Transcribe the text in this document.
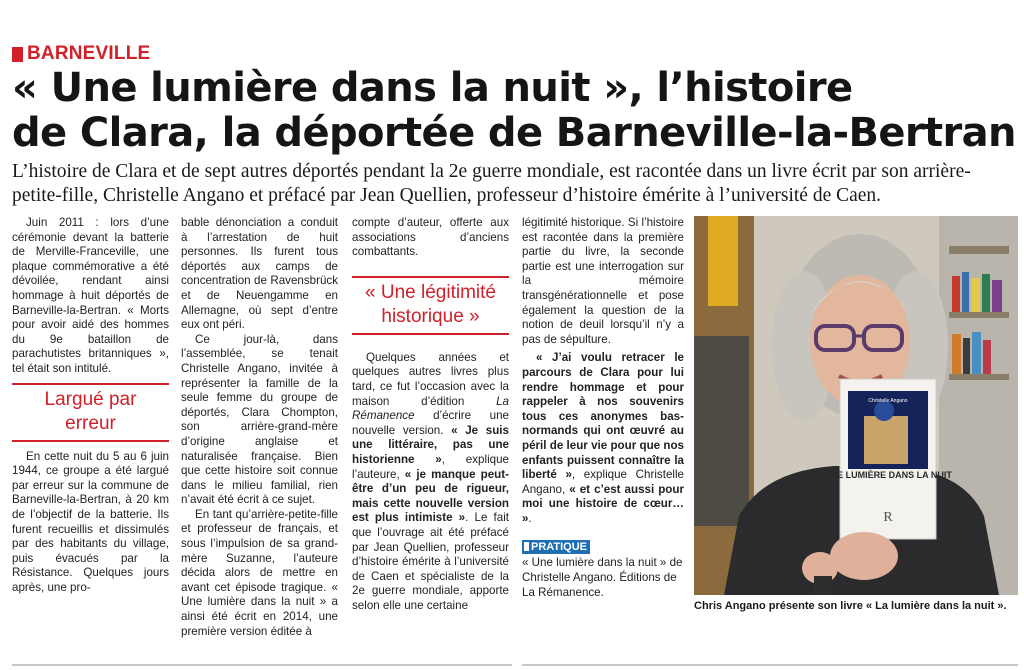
BARNEVILLE
« Une lumière dans la nuit », l’histoire
de Clara, la déportée de Barneville-la-Bertran
L’histoire de Clara et de sept autres déportés pendant la 2e guerre mondiale, est racontée dans un livre écrit par son arrière-petite-fille, Christelle Angano et préfacé par Jean Quellien, professeur d’histoire émérite à l’université de Caen.

Juin 2011 : lors d’une cérémonie devant la batterie de Merville-Franceville, une plaque commémorative a été dévoilée, rendant ainsi hommage à huit déportés de Barneville-la-Bertran. « Morts pour avoir aidé des hommes du 9e bataillon de parachutistes britanniques », tel était son intitulé.

Largué par erreur

En cette nuit du 5 au 6 juin 1944, ce groupe a été largué par erreur sur la commune de Barneville-la-Bertran, à 20 km de l’objectif de la batterie. Ils furent recueillis et dissimulés par des habitants du village, puis évacués par la Résistance. Quelques jours après, une pro-

bable dénonciation a conduit à l’arrestation de huit personnes. Ils furent tous déportés aux camps de concentration de Ravensbrück et de Neuengamme en Allemagne, où sept d’entre eux ont péri.

Ce jour-là, dans l’assemblée, se tenait Christelle Angano, invitée à représenter la famille de la seule femme du groupe de déportés, Clara Chompton, son arrière-grand-mère d’origine anglaise et naturalisée française. Bien que cette histoire soit connue dans le milieu familial, rien n’avait été écrit à ce sujet.

En tant qu’arrière-petite-fille et professeur de français, et sous l’impulsion de sa grand-mère Suzanne, l’auteure décida alors de mettre en avant cet épisode tragique. « Une lumière dans la nuit » a ainsi été écrit en 2014, une première version éditée à

compte d’auteur, offerte aux associations d’anciens combattants.

« Une légitimité historique »

Quelques années et quelques autres livres plus tard, ce fut l’occasion avec la maison d’édition La Rémanence d’écrire une nouvelle version. « Je suis une littéraire, pas une historienne », explique l’auteure, « je manque peut-être d’un peu de rigueur, mais cette nouvelle version est plus intimiste ». Le fait que l’ouvrage ait été préfacé par Jean Quellien, professeur d’histoire émérite à l’université de Caen et spécialiste de la 2e guerre mondiale, apporte selon elle une certaine

légitimité historique. Si l’histoire est racontée dans la première partie du livre, la seconde partie est une interrogation sur la mémoire transgénérationnelle et pose également la question de la notion de deuil lorsqu’il n’y a pas de sépulture.

« J’ai voulu retracer le parcours de Clara pour lui rendre hommage et pour rappeler à nos souvenirs tous ces anonymes bas-normands qui ont œuvré au péril de leur vie pour que nos enfants puissent connaître la liberté », explique Christelle Angano, « et c’est aussi pour moi une histoire de cœur… ».

PRATIQUE

« Une lumière dans la nuit » de Christelle Angano. Éditions de La Rémanence.

UNE LUMIÈRE DANS LA NUIT
Christelle Angano
R
Chris Angano présente son livre « La lumière dans la nuit ».
